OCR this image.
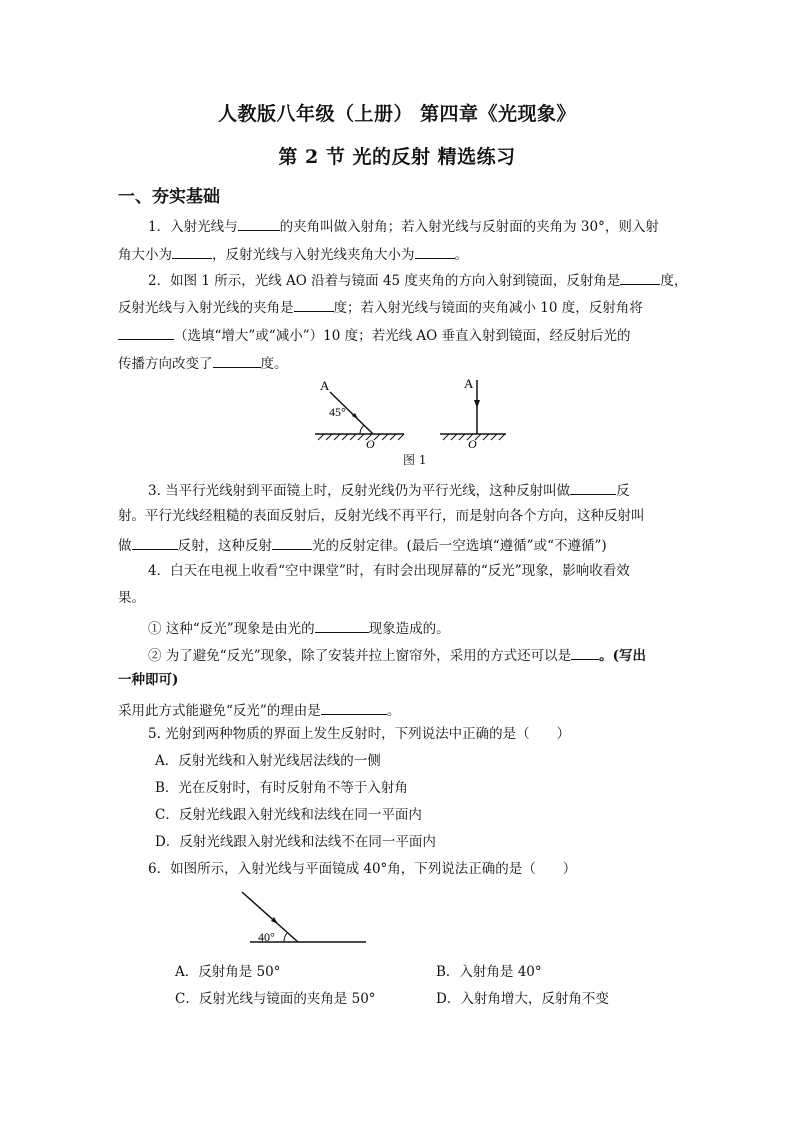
人教版八年级（上册） 第四章《光现象》
第 2 节 光的反射 精选练习
一、夯实基础
1．入射光线与	的夹角叫做入射角；若入射光线与反射面的夹角为 30°，则入射
角大小为	，反射光线与入射光线夹角大小为	。
2．如图 1 所示，光线 AO 沿着与镜面 45 度夹角的方向入射到镜面，反射角是	度，
反射光线与入射光线的夹角是	度；若入射光线与镜面的夹角减小 10 度，反射角将
（选填“增大”或“减小”）10 度；若光线 AO 垂直入射到镜面，经反射后光的
传播方向改变了	度。
A
45°
O
A
O
图 1
3. 当平行光线射到平面镜上时，反射光线仍为平行光线，这种反射叫做	反
射。平行光线经粗糙的表面反射后，反射光线不再平行，而是射向各个方向，这种反射叫
做	反射，这种反射	光的反射定律。(最后一空选填“遵循”或“不遵循”)
4．白天在电视上收看“空中课堂”时，有时会出现屏幕的“反光”现象，影响收看效
果。
① 这种“反光”现象是由光的	现象造成的。
② 为了避免“反光”现象，除了安装并拉上窗帘外，采用的方式还可以是 。(写出
一种即可)
采用此方式能避免“反光”的理由是	。
5. 光射到两种物质的界面上发生反射时，下列说法中正确的是（　　）
A．反射光线和入射光线居法线的一侧
B．光在反射时，有时反射角不等于入射角
C．反射光线跟入射光线和法线在同一平面内
D．反射光线跟入射光线和法线不在同一平面内
6．如图所示，入射光线与平面镜成 40°角，下列说法正确的是（　　）
40°
A．反射角是 50°	B．入射角是 40°
C．反射光线与镜面的夹角是 50°	D．入射角增大，反射角不变
